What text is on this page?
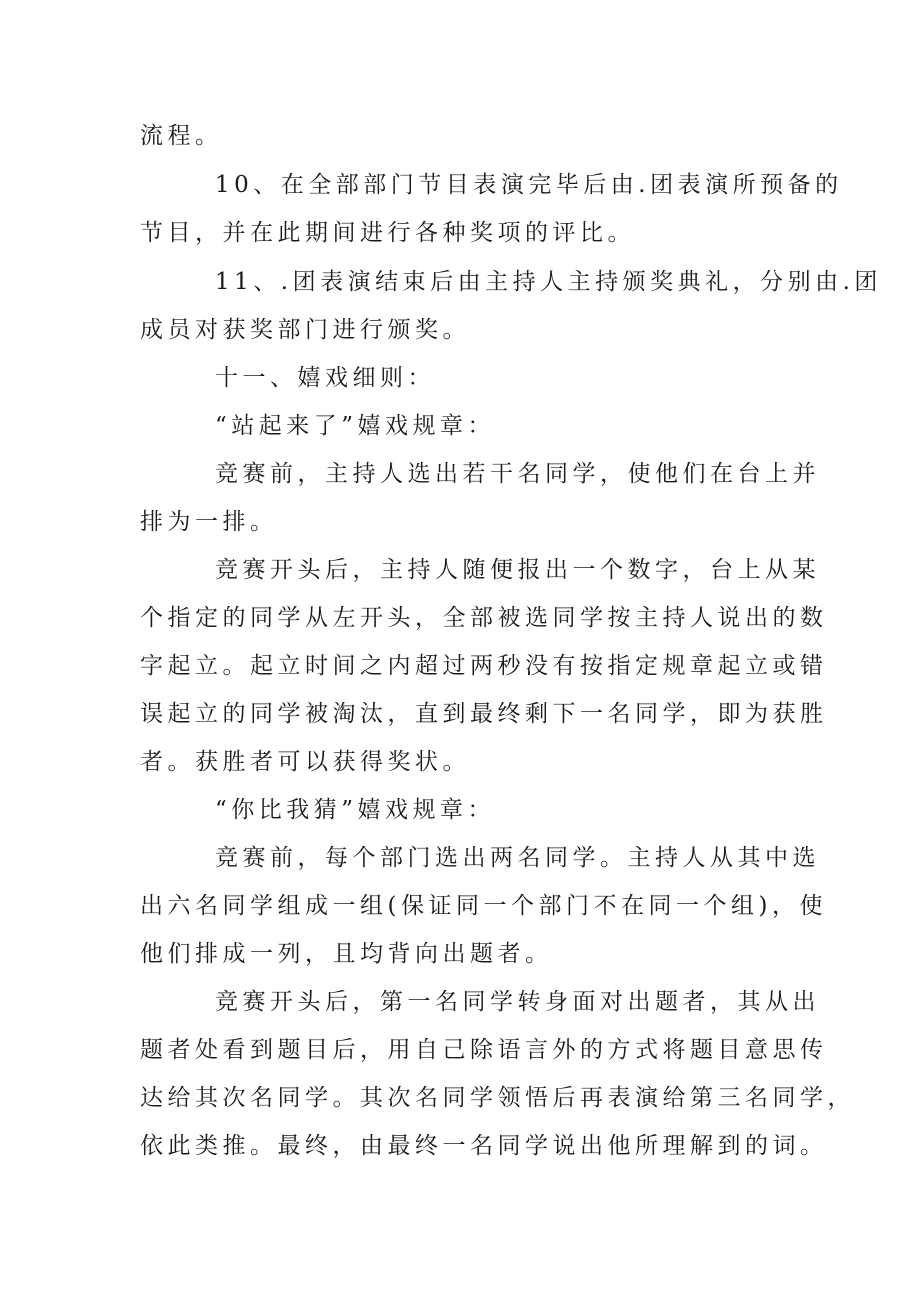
流程。
10、在全部部门节目表演完毕后由.团表演所预备的
节目，并在此期间进行各种奖项的评比。
11、.团表演结束后由主持人主持颁奖典礼，分别由.团
成员对获奖部门进行颁奖。
十一、嬉戏细则：
“站起来了”嬉戏规章：
竞赛前，主持人选出若干名同学，使他们在台上并
排为一排。
竞赛开头后，主持人随便报出一个数字，台上从某
个指定的同学从左开头，全部被选同学按主持人说出的数
字起立。起立时间之内超过两秒没有按指定规章起立或错
误起立的同学被淘汰，直到最终剩下一名同学，即为获胜
者。获胜者可以获得奖状。
“你比我猜”嬉戏规章：
竞赛前，每个部门选出两名同学。主持人从其中选
出六名同学组成一组(保证同一个部门不在同一个组)，使
他们排成一列，且均背向出题者。
竞赛开头后，第一名同学转身面对出题者，其从出
题者处看到题目后，用自己除语言外的方式将题目意思传
达给其次名同学。其次名同学领悟后再表演给第三名同学，
依此类推。最终，由最终一名同学说出他所理解到的词。
